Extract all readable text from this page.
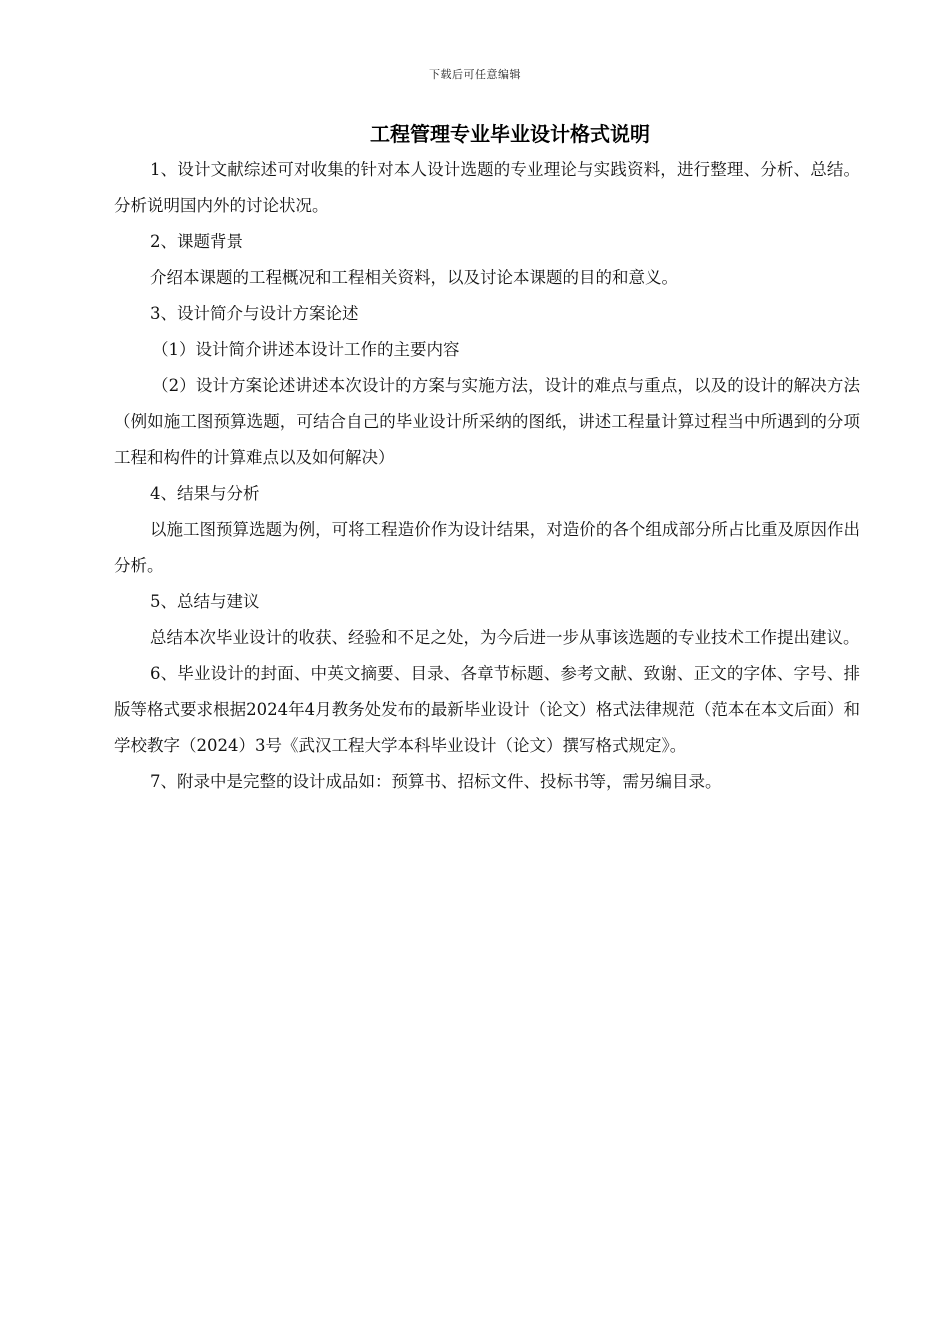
下载后可任意编辑
工程管理专业毕业设计格式说明

1、设计文献综述可对收集的针对本人设计选题的专业理论与实践资料，进行整理、分析、总结。分析说明国内外的讨论状况。

2、课题背景

介绍本课题的工程概况和工程相关资料，以及讨论本课题的目的和意义。

3、设计简介与设计方案论述

（1）设计简介讲述本设计工作的主要内容

（2）设计方案论述讲述本次设计的方案与实施方法，设计的难点与重点，以及的设计的解决方法（例如施工图预算选题，可结合自己的毕业设计所采纳的图纸，讲述工程量计算过程当中所遇到的分项工程和构件的计算难点以及如何解决）

4、结果与分析

以施工图预算选题为例，可将工程造价作为设计结果，对造价的各个组成部分所占比重及原因作出分析。

5、总结与建议

总结本次毕业设计的收获、经验和不足之处，为今后进一步从事该选题的专业技术工作提出建议。

6、毕业设计的封面、中英文摘要、目录、各章节标题、参考文献、致谢、正文的字体、字号、排版等格式要求根据2024年4月教务处发布的最新毕业设计（论文）格式法律规范（范本在本文后面）和学校教字（2024）3号《武汉工程大学本科毕业设计（论文）撰写格式规定》。

7、附录中是完整的设计成品如：预算书、招标文件、投标书等，需另编目录。
